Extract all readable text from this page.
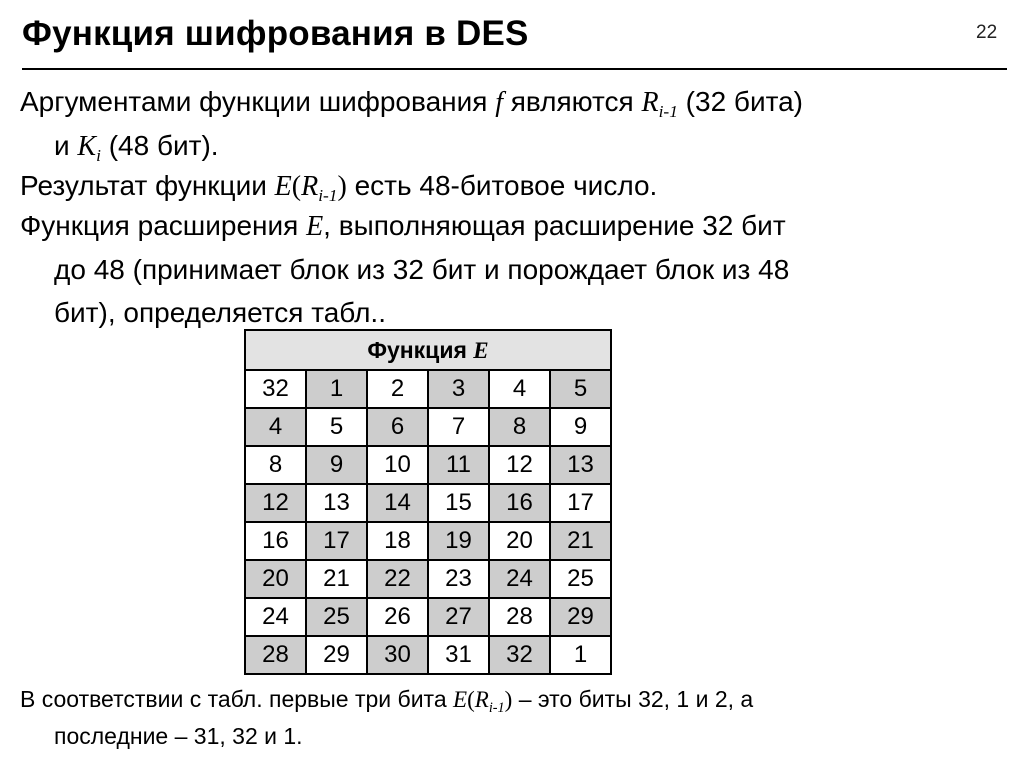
Функция шифрования в DES	22
Аргументами функции шифрования f являются $R_{i-1}$ (32 бита)
и $K_i$ (48 бит).
Результат функции $E(R_{i-1})$ есть 48-битовое число.
Функция расширения E, выполняющая расширение 32 бит
до 48 (принимает блок из 32 бит и порождает блок из 48
бит), определяется табл..
Функция E					
32	1	2	3	4	5
4	5	6	7	8	9
8	9	10	11	12	13
12	13	14	15	16	17
16	17	18	19	20	21
20	21	22	23	24	25
24	25	26	27	28	29
28	29	30	31	32	1
В соответствии с табл. первые три бита $E(R_{i-1})$ – это биты 32, 1 и 2, а
последние – 31, 32 и 1.
